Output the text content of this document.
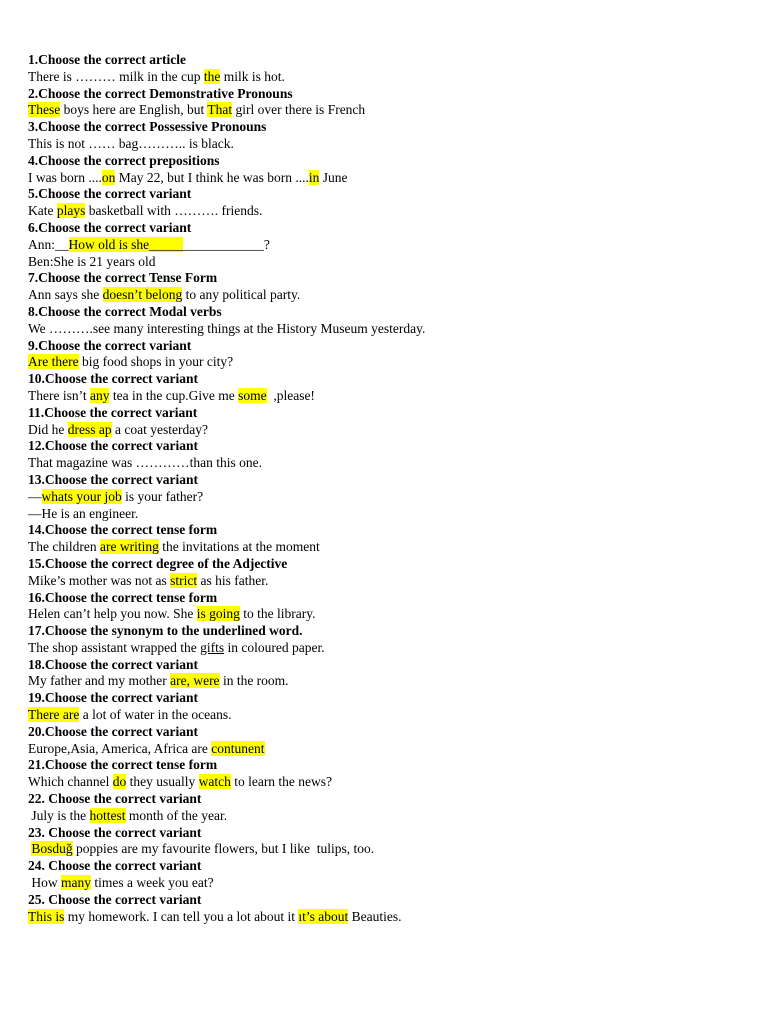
1.Choose the correct article
There is ……… milk in the cup the milk is hot.
2.Choose the correct Demonstrative Pronouns
These boys here are English, but That girl over there is French
3.Choose the correct Possessive Pronouns
This is not …… bag……….. is black.
4.Choose the correct prepositions
I was born ....on May 22, but I think he was born ....in June
5.Choose the correct variant
Kate plays basketball with ………. friends.
6.Choose the correct variant
Ann:__How old is she_________________?
Ben:She is 21 years old
7.Choose the correct Tense Form
Ann says she doesn’t belong to any political party.
8.Choose the correct Modal verbs
We ……….see many interesting things at the History Museum yesterday.
9.Choose the correct variant
Are there big food shops in your city?
10.Choose the correct variant
There isn’t any tea in the cup.Give me some  ,please!
11.Choose the correct variant
Did he dress ap a coat yesterday?
12.Choose the correct variant
That magazine was …………than this one.
13.Choose the correct variant
—whats your job is your father?
—He is an engineer.
14.Choose the correct tense form
The children are writing the invitations at the moment
15.Choose the correct degree of the Adjective
Mike’s mother was not as strict as his father.
16.Choose the correct tense form
Helen can’t help you now. She is going to the library.
17.Choose the synonym to the underlined word.
The shop assistant wrapped the gifts in coloured paper.
18.Choose the correct variant
My father and my mother are, were in the room.
19.Choose the correct variant
There are a lot of water in the oceans.
20.Choose the correct variant
Europe,Asia, America, Africa are contunent
21.Choose the correct tense form
Which channel do they usually watch to learn the news?
22. Choose the correct variant
July is the hottest month of the year.
23. Choose the correct variant
Bosduğ poppies are my favourite flowers, but I like  tulips, too.
24. Choose the correct variant
How many times a week you eat?
25. Choose the correct variant
This is my homework. I can tell you a lot about it ıt’s about Beauties.
